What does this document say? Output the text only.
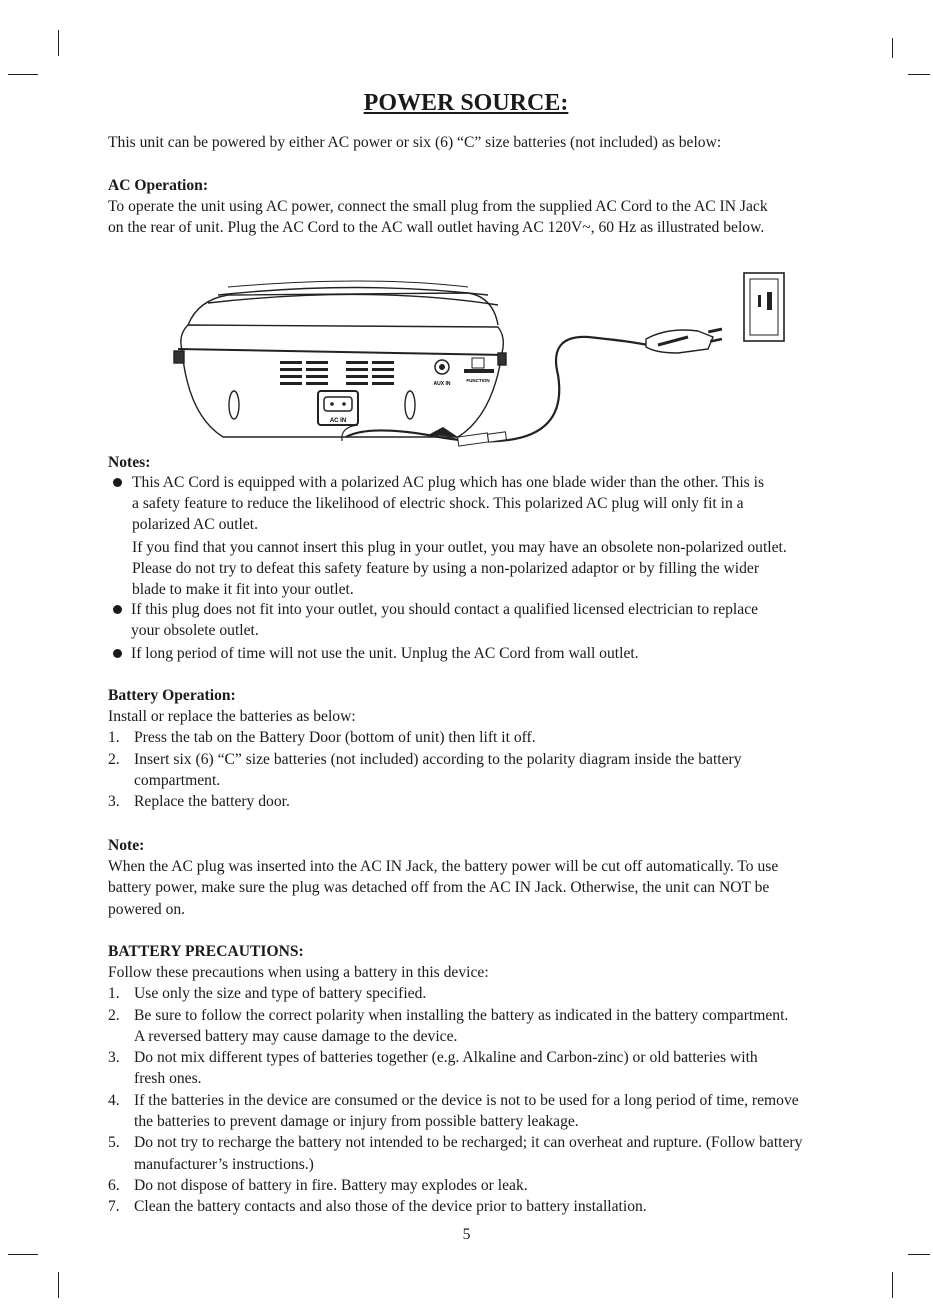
POWER SOURCE:
This unit can be powered by either AC power or six (6) “C” size batteries (not included) as below:
AC Operation:
To operate the unit using AC power, connect the small plug from the supplied AC Cord to the AC IN Jack
on the rear of unit. Plug the AC Cord to the AC wall outlet having AC 120V~, 60 Hz as illustrated below.
Notes:
This AC Cord is equipped with a polarized AC plug which has one blade wider than the other. This is
a safety feature to reduce the likelihood of electric shock. This polarized AC plug will only fit in a
polarized AC outlet.
If you find that you cannot insert this plug in your outlet, you may have an obsolete non-polarized outlet.
Please do not try to defeat this safety feature by using a non-polarized adaptor or by filling the wider
blade to make it fit into your outlet.
If this plug does not fit into your outlet, you should contact a qualified licensed electrician to replace
your obsolete outlet.
If long period of time will not use the unit. Unplug the AC Cord from wall outlet.
Battery Operation:
Install or replace the batteries as below:
1. Press the tab on the Battery Door (bottom of unit) then lift it off.
2. Insert six (6) “C” size batteries (not included) according to the polarity diagram inside the battery
compartment.
3. Replace the battery door.
Note:
When the AC plug was inserted into the AC IN Jack, the battery power will be cut off automatically. To use
battery power, make sure the plug was detached off from the AC IN Jack. Otherwise, the unit can NOT be
powered on.
BATTERY PRECAUTIONS:
Follow these precautions when using a battery in this device:
1. Use only the size and type of battery specified.
2. Be sure to follow the correct polarity when installing the battery as indicated in the battery compartment.
A reversed battery may cause damage to the device.
3. Do not mix different types of batteries together (e.g. Alkaline and Carbon-zinc) or old batteries with
fresh ones.
4. If the batteries in the device are consumed or the device is not to be used for a long period of time, remove
the batteries to prevent damage or injury from possible battery leakage.
5. Do not try to recharge the battery not intended to be recharged; it can overheat and rupture. (Follow battery
manufacturer’s instructions.)
6. Do not dispose of battery in fire. Battery may explodes or leak.
7. Clean the battery contacts and also those of the device prior to battery installation.
AUX IN
FUNCTION
AC IN
5
